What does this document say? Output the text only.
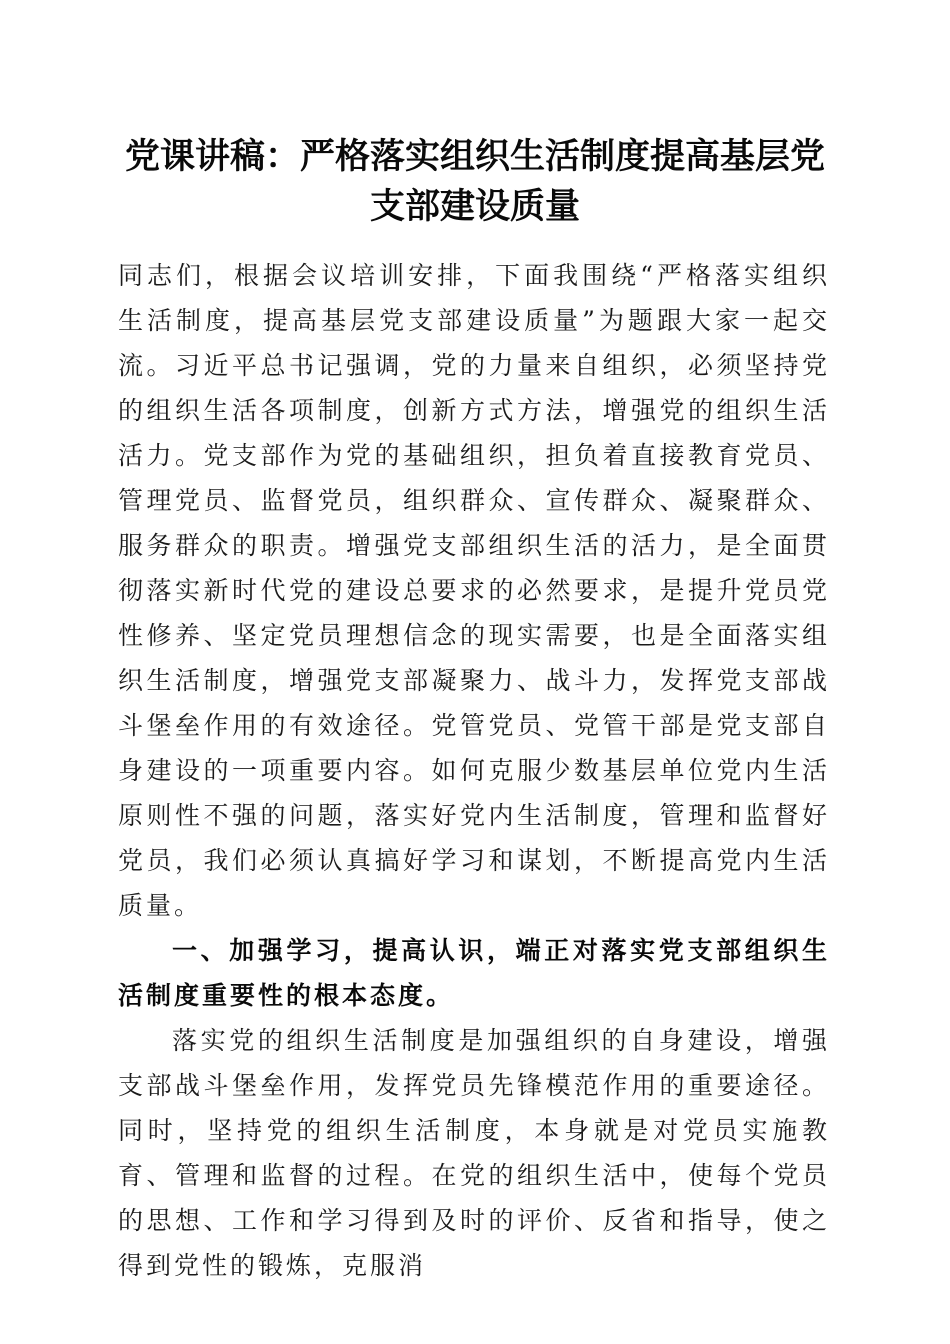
党课讲稿：严格落实组织生活制度提高基层党
支部建设质量

同志们，根据会议培训安排，下面我围绕“严格落实组织生活制度，提高基层党支部建设质量”为题跟大家一起交流。习近平总书记强调，党的力量来自组织，必须坚持党的组织生活各项制度，创新方式方法，增强党的组织生活活力。党支部作为党的基础组织，担负着直接教育党员、管理党员、监督党员，组织群众、宣传群众、凝聚群众、服务群众的职责。增强党支部组织生活的活力，是全面贯彻落实新时代党的建设总要求的必然要求，是提升党员党性修养、坚定党员理想信念的现实需要，也是全面落实组织生活制度，增强党支部凝聚力、战斗力，发挥党支部战斗堡垒作用的有效途径。党管党员、党管干部是党支部自身建设的一项重要内容。如何克服少数基层单位党内生活原则性不强的问题，落实好党内生活制度，管理和监督好党员，我们必须认真搞好学习和谋划，不断提高党内生活质量。

一、加强学习，提高认识，端正对落实党支部组织生活制度重要性的根本态度。

落实党的组织生活制度是加强组织的自身建设，增强支部战斗堡垒作用，发挥党员先锋模范作用的重要途径。同时，坚持党的组织生活制度，本身就是对党员实施教育、管理和监督的过程。在党的组织生活中，使每个党员的思想、工作和学习得到及时的评价、反省和指导，使之得到党性的锻炼，克服消
